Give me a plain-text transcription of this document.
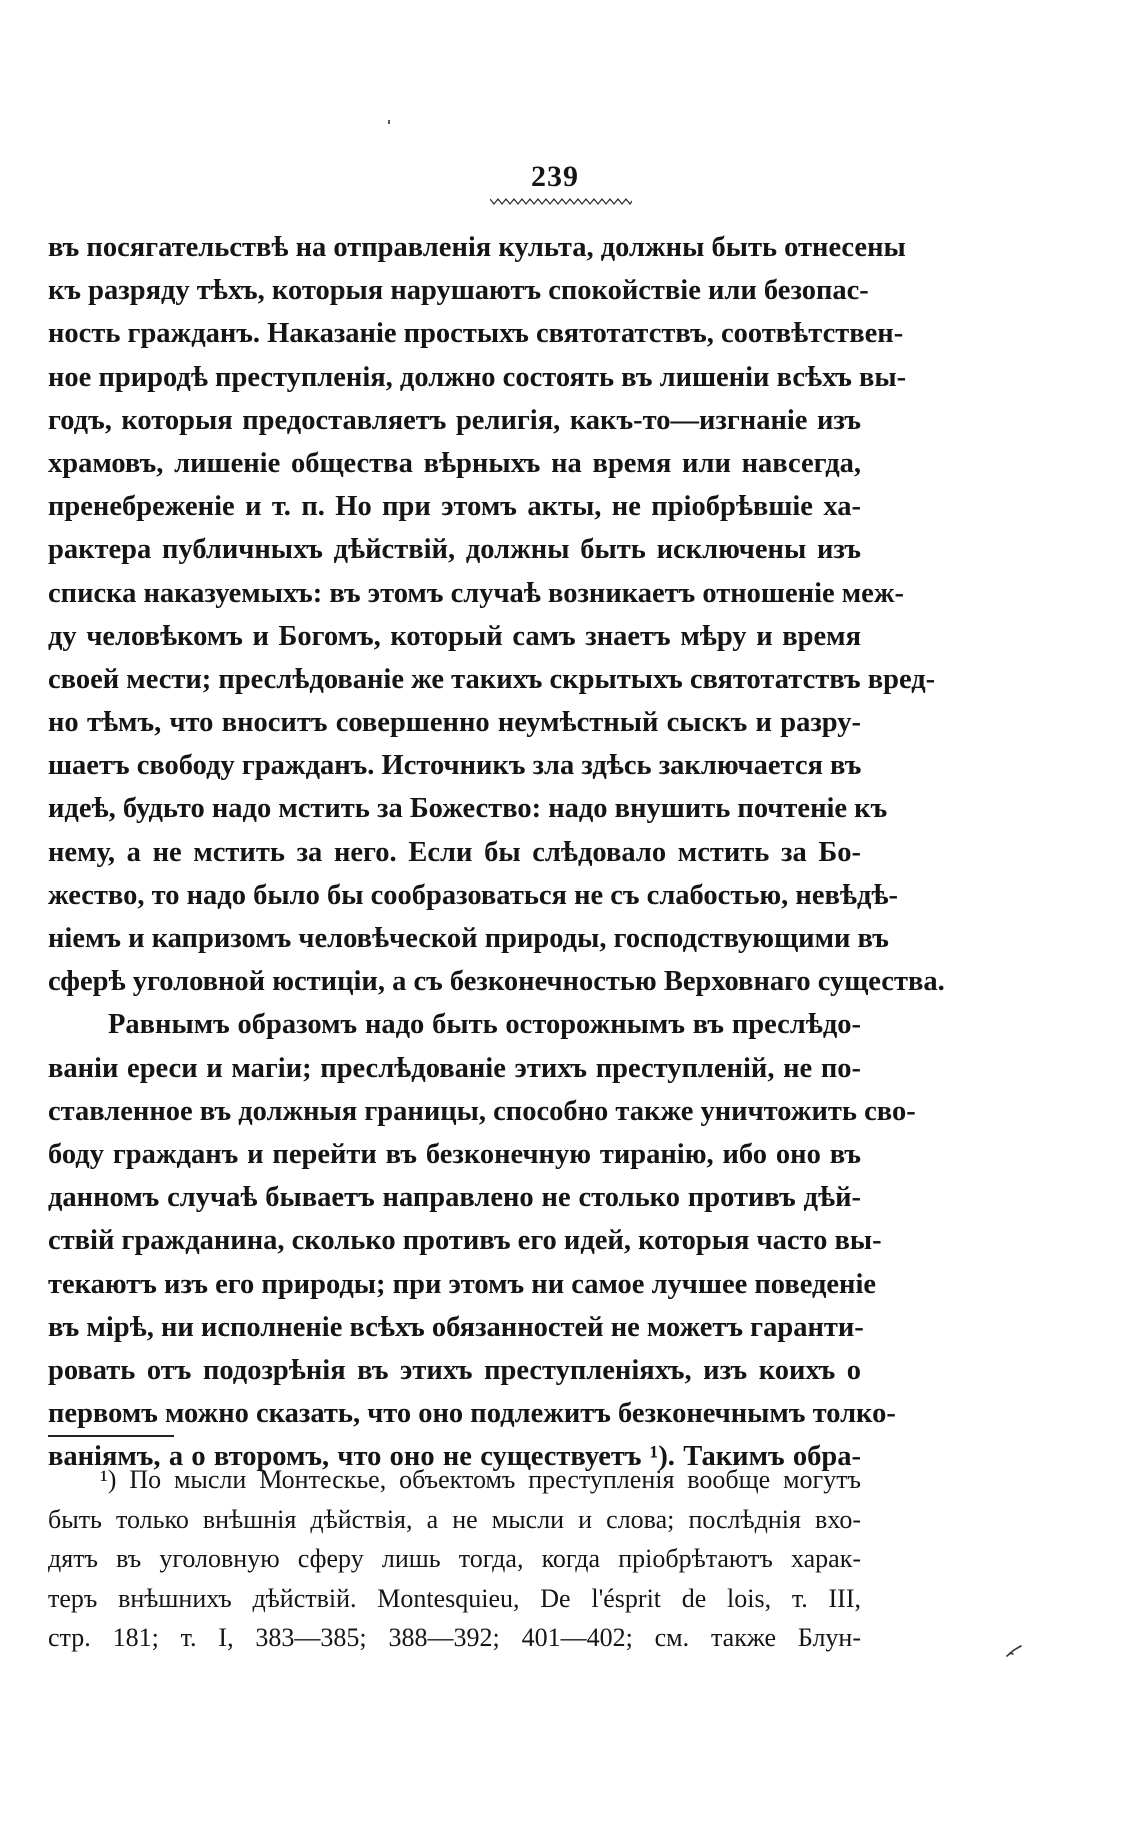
239
въ посягательствѣ на отправленія культа, должны быть отнесены
къ разряду тѣхъ, которыя нарушаютъ спокойствіе или безопас-
ность гражданъ. Наказаніе простыхъ святотатствъ, соотвѣтствен-
ное природѣ преступленія, должно состоять въ лишеніи всѣхъ вы-
годъ, которыя предоставляетъ религія, какъ-то—изгнаніе изъ
храмовъ, лишеніе общества вѣрныхъ на время или навсегда,
пренебреженіе и т. п. Но при этомъ акты, не пріобрѣвшіе ха-
рактера публичныхъ дѣйствій, должны быть исключены изъ
списка наказуемыхъ: въ этомъ случаѣ возникаетъ отношеніе меж-
ду человѣкомъ и Богомъ, который самъ знаетъ мѣру и время
своей мести; преслѣдованіе же такихъ скрытыхъ святотатствъ вред-
но тѣмъ, что вноситъ совершенно неумѣстный сыскъ и разру-
шаетъ свободу гражданъ. Источникъ зла здѣсь заключается въ
идеѣ, будьто надо мстить за Божество: надо внушить почтеніе къ
нему, а не мстить за него. Если бы слѣдовало мстить за Бо-
жество, то надо было бы сообразоваться не съ слабостью, невѣдѣ-
ніемъ и капризомъ человѣческой природы, господствующими въ
сферѣ уголовной юстиціи, а съ безконечностью Верховнаго существа.
Равнымъ образомъ надо быть осторожнымъ въ преслѣдо-
ваніи ереси и магіи; преслѣдованіе этихъ преступленій, не по-
ставленное въ должныя границы, способно также уничтожить сво-
боду гражданъ и перейти въ безконечную тиранію, ибо оно въ
данномъ случаѣ бываетъ направлено не столько противъ дѣй-
ствій гражданина, сколько противъ его идей, которыя часто вы-
текаютъ изъ его природы; при этомъ ни самое лучшее поведеніе
въ мірѣ, ни исполненіе всѣхъ обязанностей не можетъ гаранти-
ровать отъ подозрѣнія въ этихъ преступленіяхъ, изъ коихъ о
первомъ можно сказать, что оно подлежитъ безконечнымъ толко-
ваніямъ, а о второмъ, что оно не существуетъ ¹). Такимъ обра-
¹) По мысли Монтескье, объектомъ преступленія вообще могутъ
быть только внѣшнія дѣйствія, а не мысли и слова; послѣднія вхо-
дятъ въ уголовную сферу лишь тогда, когда пріобрѣтаютъ харак-
теръ внѣшнихъ дѣйствій. Montesquieu, De l'ésprit de lois, т. III,
стр. 181; т. I, 383—385; 388—392; 401—402; см. также Блун-
